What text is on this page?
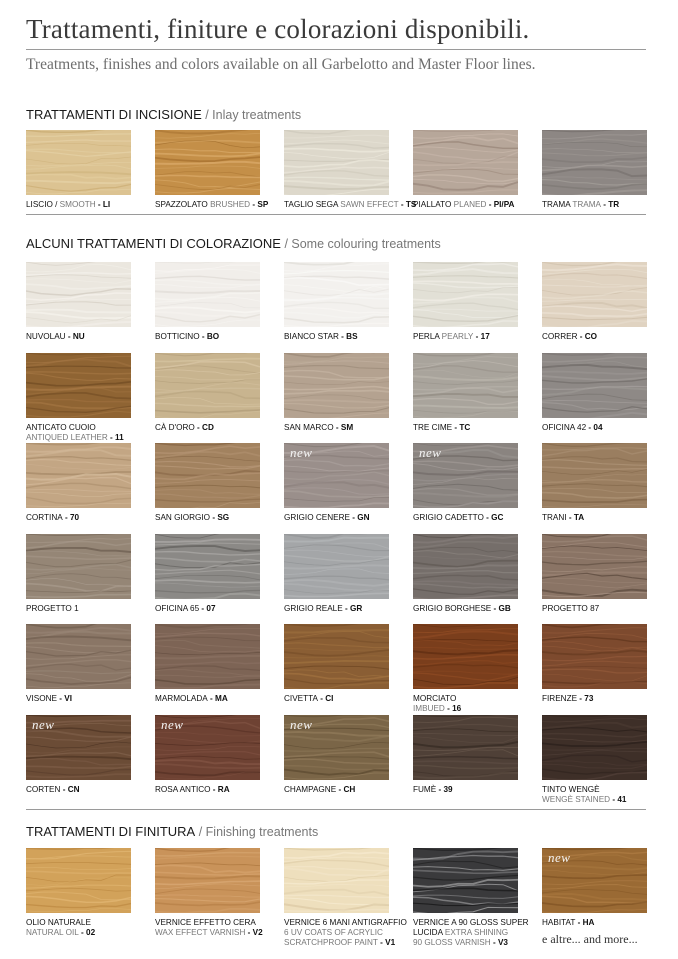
Trattamenti, finiture e colorazioni disponibili.
Treatments, finishes and colors available on all Garbelotto and Master Floor lines.
TRATTAMENTI DI INCISIONE / Inlay treatments
LISCIO / SMOOTH - LI	SPAZZOLATO BRUSHED - SP	TAGLIO SEGA SAWN EFFECT - TS
PIALLATO PLANED - PI/PA	TRAMA TRAMA - TR
ALCUNI TRATTAMENTI DI COLORAZIONE / Some colouring treatments
NUVOLAU - NU	BOTTICINO - BO	BIANCO STAR - BS	PERLA PEARLY - 17	CORRER - CO
ANTICATO CUOIO
ANTIQUED LEATHER - 11
CÀ D'ORO - CD	SAN MARCO - SM	TRE CIME - TC	OFICINA 42 - 04
CORTINA - 70	SAN GIORGIO - SG
new
GRIGIO CENERE - GN
new
GRIGIO CADETTO - GC	TRANI - TA
PROGETTO 1	OFICINA 65 - 07	GRIGIO REALE - GR	GRIGIO BORGHESE - GB	PROGETTO 87
VISONE - VI	MARMOLADA - MA	CIVETTA - CI	MORCIATO
IMBUED - 16
FIRENZE - 73
new
CORTEN - CN
new
ROSA ANTICO - RA
new
CHAMPAGNE - CH	FUMÈ - 39	TINTO WENGÈ
WENGÈ STAINED - 41
TRATTAMENTI DI FINITURA / Finishing treatments
OLIO NATURALE
NATURAL OIL - 02
VERNICE EFFETTO CERA
WAX EFFECT VARNISH - V2
VERNICE 6 MANI ANTIGRAFFIO
6 UV COATS OF ACRYLIC
SCRATCHPROOF PAINT - V1
VERNICE A 90 GLOSS SUPER
LUCIDA EXTRA SHINING
90 GLOSS VARNISH - V3
new
HABITAT - HA
e altre... and more...
